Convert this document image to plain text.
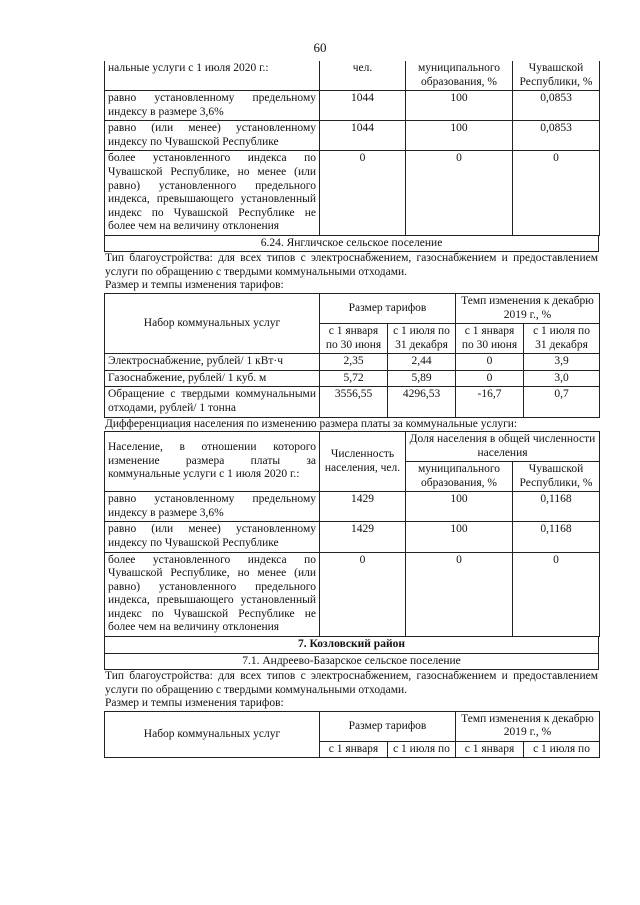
60
нальные услуги с 1 июля 2020 г.:	чел.	муниципального образования, %	Чувашской Республики, %
равно установленному предельному индексу в размере 3,6%	1044	100	0,0853
равно (или менее) установленному индексу по Чувашской Республике	1044	100	0,0853
более установленного индекса по Чувашской Республике, но менее (или равно) установленного предельного индекса, превышающего установленный индекс по Чувашской Республике не более чем на величину отклонения	0	0	0
6.24. Янгличское сельское поселение
Тип благоустройства: для всех типов с электроснабжением, газоснабжением и предоставлением услуги по обращению с твердыми коммунальными отходами.
Размер и темпы изменения тарифов:
Набор коммунальных услуг	Размер тарифов		Темп изменения к декабрю 2019 г., %	
	с 1 января по 30 июня	с 1 июля по 31 декабря	с 1 января по 30 июня	с 1 июля по 31 декабря
Электроснабжение, рублей/ 1 кВт·ч	2,35	2,44	0	3,9
Газоснабжение, рублей/ 1 куб. м	5,72	5,89	0	3,0
Обращение с твердыми коммунальными отходами, рублей/ 1 тонна	3556,55	4296,53	-16,7	0,7
Дифференциация населения по изменению размера платы за коммунальные услуги:
Население, в отношении которого изменение размера платы за коммунальные услуги с 1 июля 2020 г.:	Численность населения, чел.	Доля населения в общей численности населения	
		муниципального образования, %	Чувашской Республики, %
равно установленному предельному индексу в размере 3,6%	1429	100	0,1168
равно (или менее) установленному индексу по Чувашской Республике	1429	100	0,1168
более установленного индекса по Чувашской Республике, но менее (или равно) установленного предельного индекса, превышающего установленный индекс по Чувашской Республике не более чем на величину отклонения	0	0	0
7. Козловский район
7.1. Андреево-Базарское сельское поселение
Тип благоустройства: для всех типов с электроснабжением, газоснабжением и предоставлением услуги по обращению с твердыми коммунальными отходами.
Размер и темпы изменения тарифов:
Набор коммунальных услуг	Размер тарифов		Темп изменения к декабрю 2019 г., %	
	с 1 января	с 1 июля по	с 1 января	с 1 июля по
